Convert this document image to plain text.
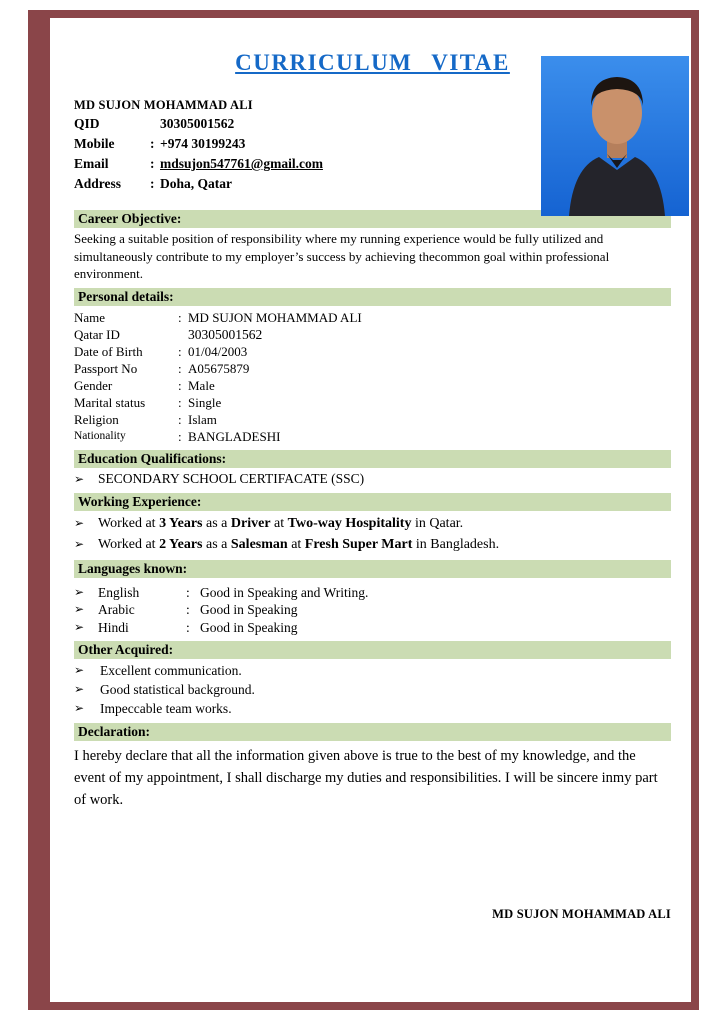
CURRICULUM VITAE
MD SUJON MOHAMMAD ALI
QID	30305001562
Mobile	: +974 30199243
Email	: mdsujon547761@gmail.com
Address	: Doha, Qatar
Career Objective:

Seeking a suitable position of responsibility where my running experience would be fully utilized and simultaneously contribute to my employer’s success by achieving thecommon goal within professional environment.

Personal details:
Name	: MD SUJON MOHAMMAD ALI
Qatar ID	30305001562
Date of Birth	: 01/04/2003
Passport No	: A05675879
Gender	: Male
Marital status	: Single
Religion	: Islam
Nationality	: BANGLADESHI
Education Qualifications:
➢	SECONDARY SCHOOL CERTIFACATE (SSC)
Working Experience:
➢ Worked at 3 Years as a Driver at Two-way Hospitality in Qatar.
➢ Worked at 2 Years as a Salesman at Fresh Super Mart in Bangladesh.
Languages known:
➢	English	: Good in Speaking and Writing.
➢	Arabic	: Good in Speaking
➢	Hindi	: Good in Speaking
Other Acquired:
➢	Excellent communication.
➢	Good statistical background.
➢	Impeccable team works.
Declaration:

I hereby declare that all the information given above is true to the best of my knowledge, and the event of my appointment, I shall discharge my duties and responsibilities. I will be sincere inmy part of work.

MD SUJON MOHAMMAD ALI
